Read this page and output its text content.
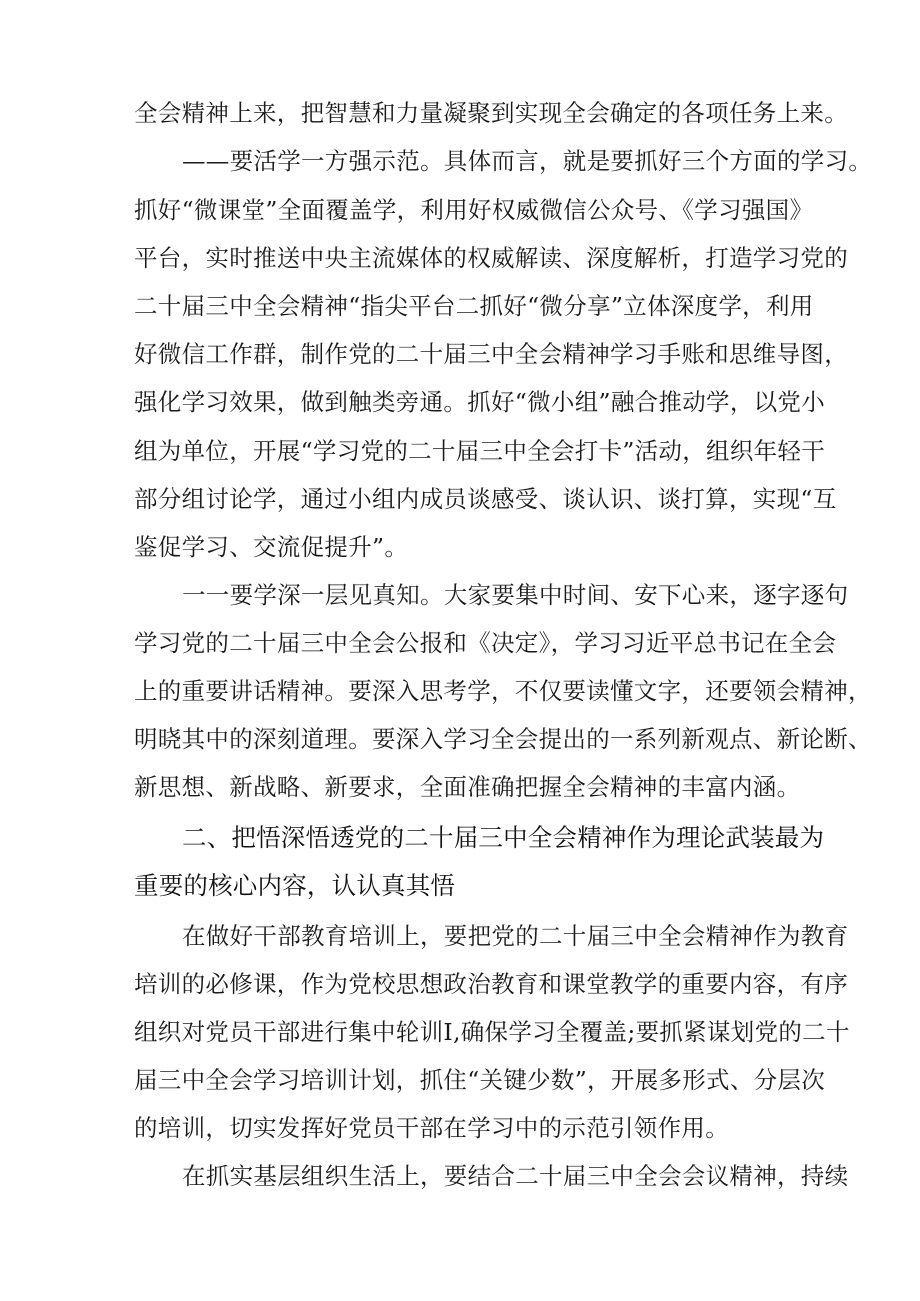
全会精神上来，把智慧和力量凝聚到实现全会确定的各项任务上来。
——要活学一方强示范。具体而言，就是要抓好三个方面的学习。
抓好“微课堂”全面覆盖学，利用好权威微信公众号、《学习强国》
平台，实时推送中央主流媒体的权威解读、深度解析，打造学习党的
二十届三中全会精神“指尖平台二抓好“微分享”立体深度学，利用
好微信工作群，制作党的二十届三中全会精神学习手账和思维导图，
强化学习效果，做到触类旁通。抓好“微小组”融合推动学，以党小
组为单位，开展“学习党的二十届三中全会打卡”活动，组织年轻干
部分组讨论学，通过小组内成员谈感受、谈认识、谈打算，实现“互
鉴促学习、交流促提升”。
一一要学深一层见真知。大家要集中时间、安下心来，逐字逐句
学习党的二十届三中全会公报和《决定》，学习习近平总书记在全会
上的重要讲话精神。要深入思考学，不仅要读懂文字，还要领会精神，
明晓其中的深刻道理。要深入学习全会提出的一系列新观点、新论断、
新思想、新战略、新要求，全面准确把握全会精神的丰富内涵。
二、把悟深悟透党的二十届三中全会精神作为理论武装最为
重要的核心内容，认认真其悟
在做好干部教育培训上，要把党的二十届三中全会精神作为教育
培训的必修课，作为党校思想政治教育和课堂教学的重要内容，有序
组织对党员干部进行集中轮训I,确保学习全覆盖;要抓紧谋划党的二十
届三中全会学习培训计划，抓住“关键少数”，开展多形式、分层次
的培训，切实发挥好党员干部在学习中的示范引领作用。
在抓实基层组织生活上，要结合二十届三中全会会议精神，持续
